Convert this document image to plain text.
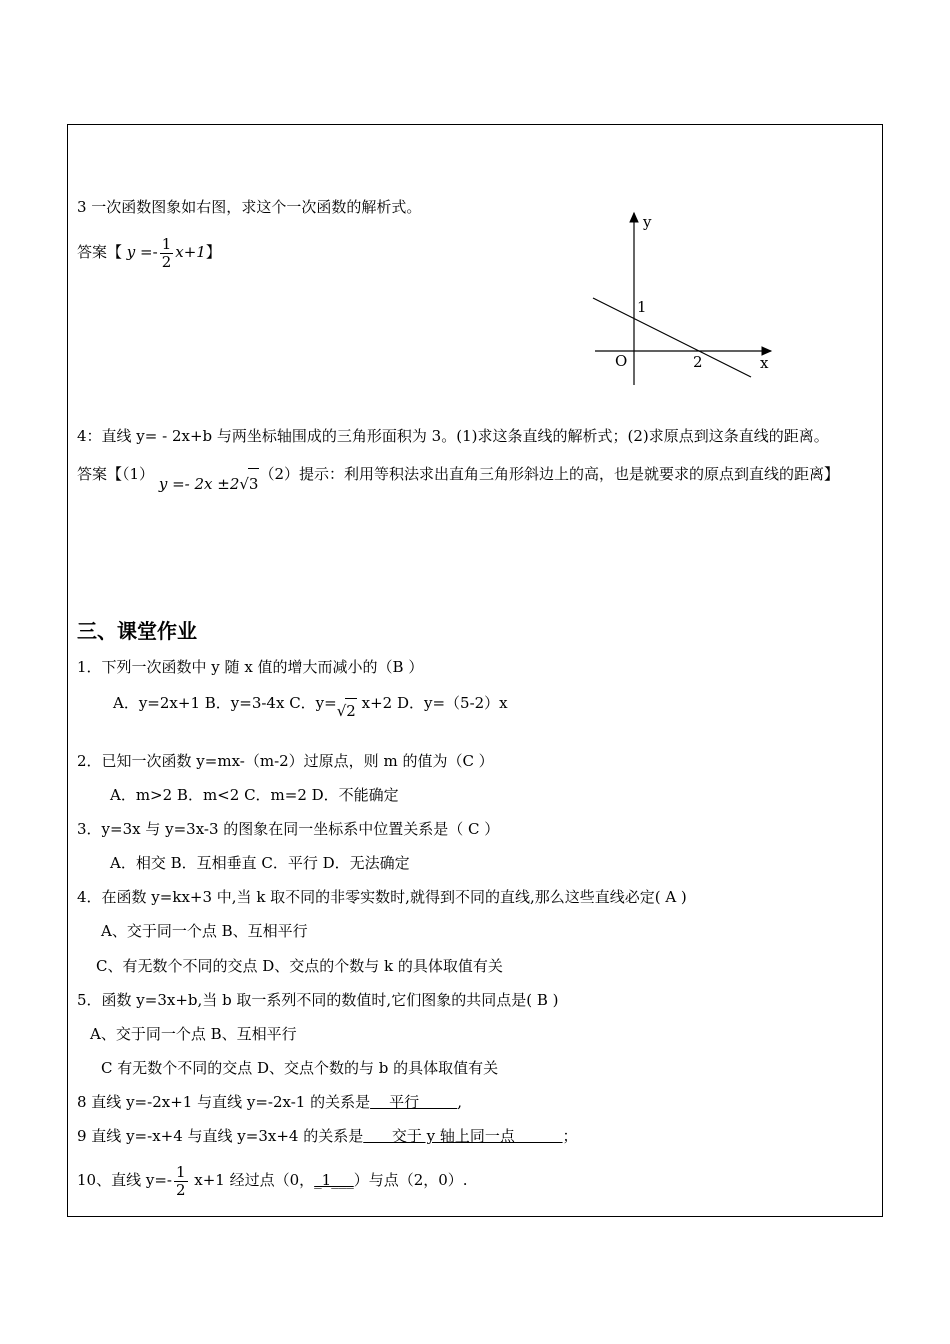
3 一次函数图象如右图，求这个一次函数的解析式。
答案【 $y =- \frac{1}{2} x+1$】
y
x
O
1
2
4：直线 y= - 2x+b 与两坐标轴围成的三角形面积为 3。(1)求这条直线的解析式；(2)求原点到这条直线的距离。
答案【（1） y =- 2x ±2√3（2）提示：利用等积法求出直角三角形斜边上的高，也是就要求的原点到直线的距离】
三、课堂作业
1．下列一次函数中 y 随 x 值的增大而减小的（B ）
A．y=2x+1 B．y=3-4x C．y=√2 x+2 D．y=（5-2）x
2．已知一次函数 y=mx-（m-2）过原点，则 m 的值为（C ）
A．m>2 B．m<2 C．m=2 D．不能确定
3．y=3x 与 y=3x-3 的图象在同一坐标系中位置关系是（ C ）
A．相交 B．互相垂直 C．平行 D．无法确定
4．在函数 y=kx+3 中,当 k 取不同的非零实数时,就得到不同的直线,那么这些直线必定( A )
A、交于同一个点 B、互相平行
C、有无数个不同的交点 D、交点的个数与 k 的具体取值有关
5．函数 y=3x+b,当 b 取一系列不同的数值时,它们图象的共同点是( B )
A、交于同一个点 B、互相平行
C 有无数个不同的交点 D、交点个数的与 b 的具体取值有关
8 直线 y=-2x+1 与直线 y=-2x-1 的关系是    平行        ,
9 直线 y=-x+4 与直线 y=3x+4 的关系是      交于 y 轴上同一点          ；
10、直线 $y=- \frac{1}{2} x+1$ 经过点（0，_1___）与点（2，0）.
